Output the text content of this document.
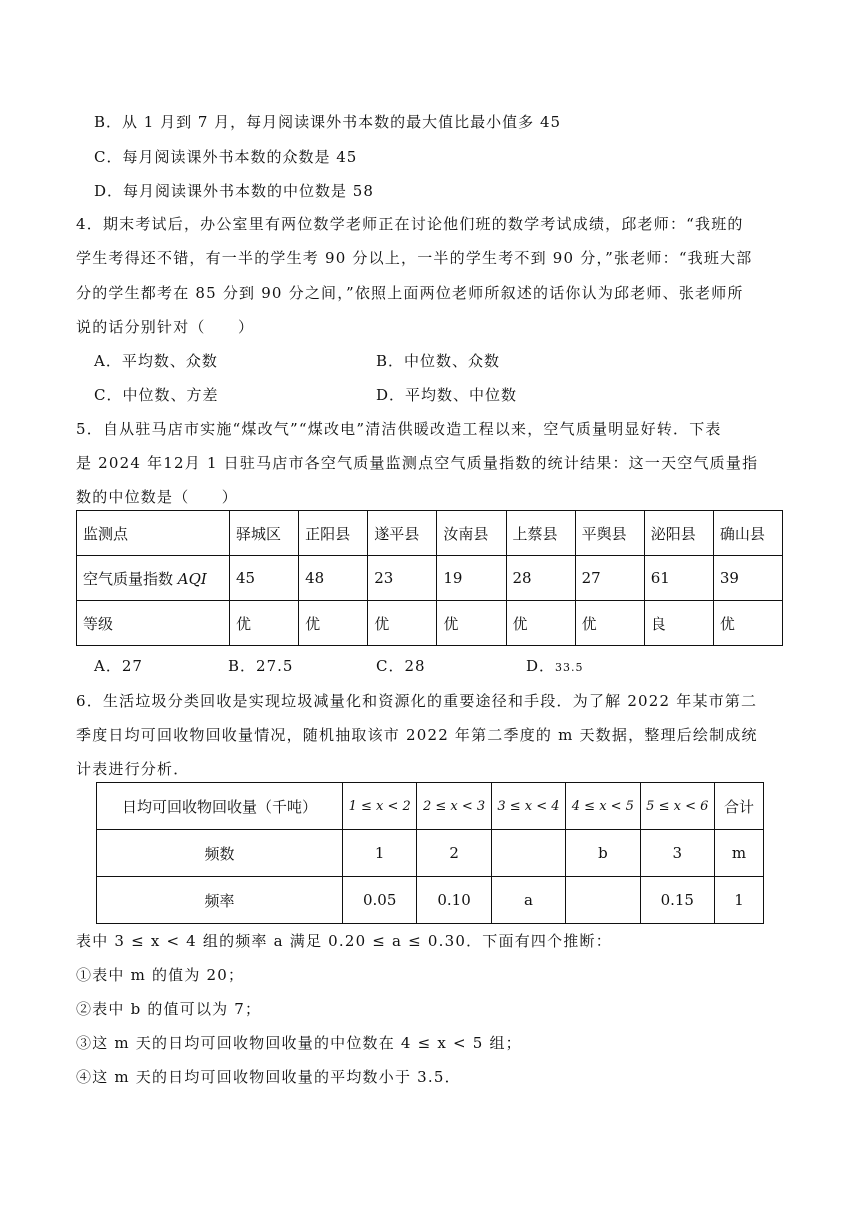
B．从 1 月到 7 月，每月阅读课外书本数的最大值比最小值多 45
C．每月阅读课外书本数的众数是 45
D．每月阅读课外书本数的中位数是 58
4．期末考试后，办公室里有两位数学老师正在讨论他们班的数学考试成绩，邱老师：“我班的
学生考得还不错，有一半的学生考 90 分以上，一半的学生考不到 90 分，”张老师：“我班大部
分的学生都考在 85 分到 90 分之间，”依照上面两位老师所叙述的话你认为邱老师、张老师所
说的话分别针对（　　）
A．平均数、众数	B．中位数、众数
C．中位数、方差	D．平均数、中位数
5．自从驻马店市实施“煤改气”“煤改电”清洁供暖改造工程以来，空气质量明显好转．下表
是 2024 年12月 1 日驻马店市各空气质量监测点空气质量指数的统计结果：这一天空气质量指
数的中位数是（　　）
监测点	驿城区	正阳县	遂平县	汝南县	上蔡县	平舆县	泌阳县	确山县
空气质量指数 AQI	45	48	23	19	28	27	61	39
等级	优	优	优	优	优	优	良	优
A．27	B．27.5	C．28	D．33.5
6．生活垃圾分类回收是实现垃圾减量化和资源化的重要途径和手段．为了解 2022 年某市第二
季度日均可回收物回收量情况，随机抽取该市 2022 年第二季度的 m 天数据，整理后绘制成统
计表进行分析．
日均可回收物回收量（千吨）	1 ≤ x < 2	2 ≤ x < 3	3 ≤ x < 4	4 ≤ x < 5	5 ≤ x < 6	合计
频数	1	2		b	3	m
频率	0.05	0.10	a		0.15	1
表中 3 ≤ x < 4 组的频率 a 满足 0.20 ≤ a ≤ 0.30．下面有四个推断：
①表中 m 的值为 20；
②表中 b 的值可以为 7；
③这 m 天的日均可回收物回收量的中位数在 4 ≤ x < 5 组；
④这 m 天的日均可回收物回收量的平均数小于 3.5．
